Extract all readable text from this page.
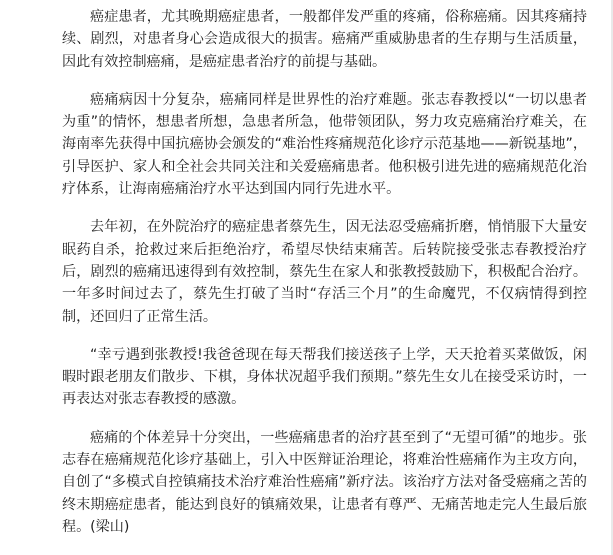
癌症患者，尤其晚期癌症患者，一般都伴发严重的疼痛，俗称癌痛。因其疼痛持续、剧烈，对患者身心会造成很大的损害。癌痛严重威胁患者的生存期与生活质量，因此有效控制癌痛，是癌症患者治疗的前提与基础。

癌痛病因十分复杂，癌痛同样是世界性的治疗难题。张志春教授以“一切以患者为重”的情怀，想患者所想，急患者所急，他带领团队，努力攻克癌痛治疗难关，在海南率先获得中国抗癌协会颁发的“难治性疼痛规范化诊疗示范基地——新锐基地”，引导医护、家人和全社会共同关注和关爱癌痛患者。他积极引进先进的癌痛规范化治疗体系，让海南癌痛治疗水平达到国内同行先进水平。

去年初，在外院治疗的癌症患者蔡先生，因无法忍受癌痛折磨，悄悄服下大量安眠药自杀，抢救过来后拒绝治疗，希望尽快结束痛苦。后转院接受张志春教授治疗后，剧烈的癌痛迅速得到有效控制，蔡先生在家人和张教授鼓励下，积极配合治疗。一年多时间过去了，蔡先生打破了当时“存活三个月”的生命魔咒，不仅病情得到控制，还回归了正常生活。

“幸亏遇到张教授!我爸爸现在每天帮我们接送孩子上学，天天抢着买菜做饭，闲暇时跟老朋友们散步、下棋，身体状况超乎我们预期。”蔡先生女儿在接受采访时，一再表达对张志春教授的感激。

癌痛的个体差异十分突出，一些癌痛患者的治疗甚至到了“无望可循”的地步。张志春在癌痛规范化诊疗基础上，引入中医辩证治理论，将难治性癌痛作为主攻方向，自创了“多模式自控镇痛技术治疗难治性癌痛”新疗法。该治疗方法对备受癌痛之苦的终末期癌症患者，能达到良好的镇痛效果，让患者有尊严、无痛苦地走完人生最后旅程。(梁山)
